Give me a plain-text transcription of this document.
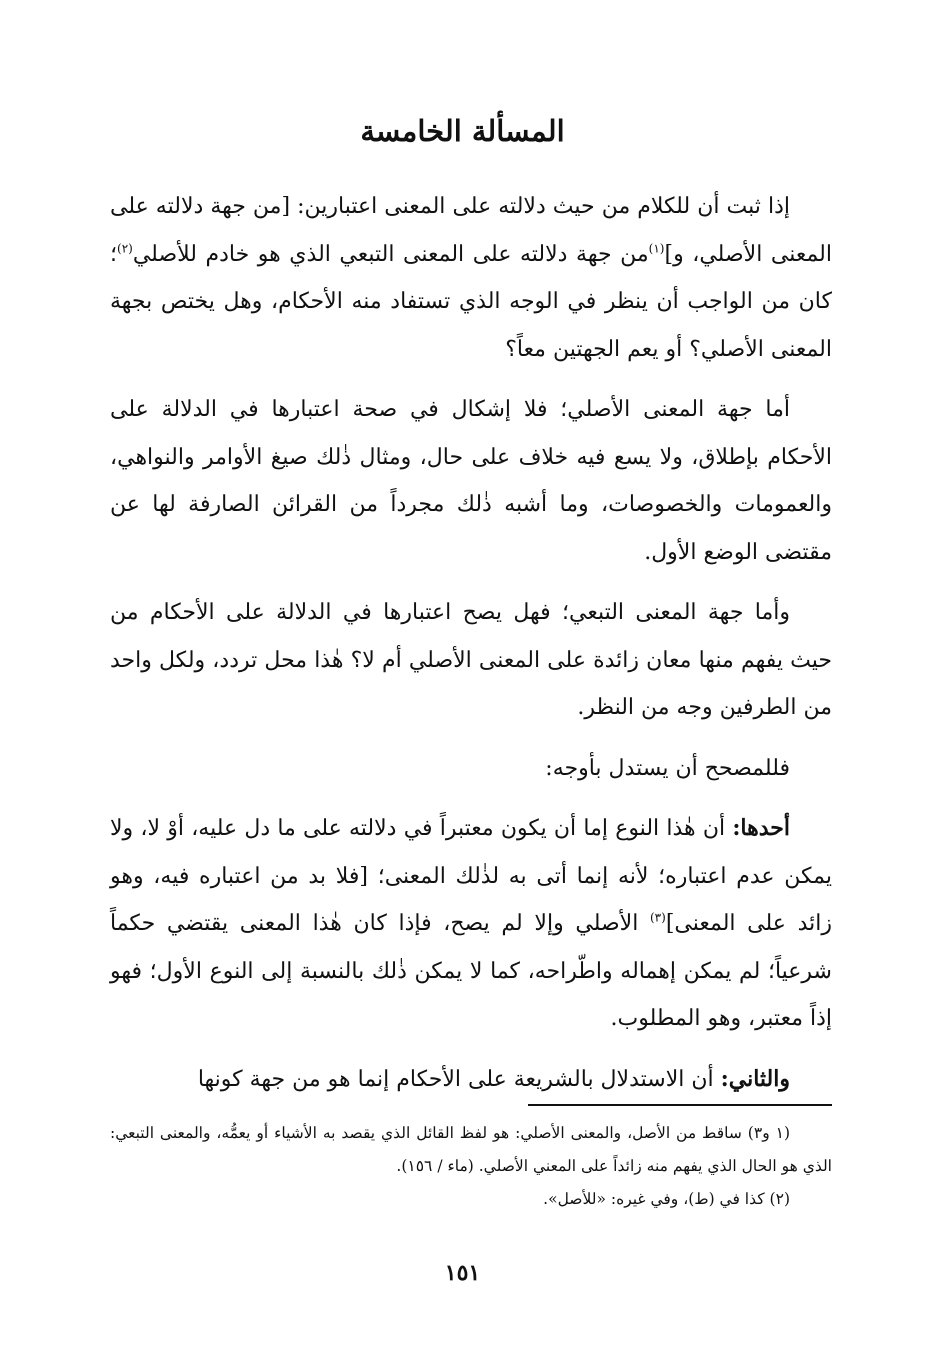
المسألة الخامسة

إذا ثبت أن للكلام من حيث دلالته على المعنى اعتبارين: [من جهة دلالته على المعنى الأصلي، و]$^{(١)}$من جهة دلالته على المعنى التبعي الذي هو خادم للأصلي$^{(٢)}$؛ كان من الواجب أن ينظر في الوجه الذي تستفاد منه الأحكام، وهل يختص بجهة المعنى الأصلي؟ أو يعم الجهتين معاً؟

أما جهة المعنى الأصلي؛ فلا إشكال في صحة اعتبارها في الدلالة على الأحكام بإطلاق، ولا يسع فيه خلاف على حال، ومثال ذٰلك صيغ الأوامر والنواهي، والعمومات والخصوصات، وما أشبه ذٰلك مجرداً من القرائن الصارفة لها عن مقتضى الوضع الأول.

وأما جهة المعنى التبعي؛ فهل يصح اعتبارها في الدلالة على الأحكام من حيث يفهم منها معان زائدة على المعنى الأصلي أم لا؟ هٰذا محل تردد، ولكل واحد من الطرفين وجه من النظر.

فللمصحح أن يستدل بأوجه:

أحدها: أن هٰذا النوع إما أن يكون معتبراً في دلالته على ما دل عليه، أوْ لا، ولا يمكن عدم اعتباره؛ لأنه إنما أتى به لذٰلك المعنى؛ [فلا بد من اعتباره فيه، وهو زائد على المعنى]$^{(٣)}$ الأصلي وإلا لم يصح، فإذا كان هٰذا المعنى يقتضي حكماً شرعياً؛ لم يمكن إهماله واطّراحه، كما لا يمكن ذٰلك بالنسبة إلى النوع الأول؛ فهو إذاً معتبر، وهو المطلوب.

والثاني: أن الاستدلال بالشريعة على الأحكام إنما هو من جهة كونها

(١ و٣) ساقط من الأصل، والمعنى الأصلي: هو لفظ القائل الذي يقصد به الأشياء أو يعمُّه، والمعنى التبعي: الذي هو الحال الذي يفهم منه زائداً على المعني الأصلي. (ماء / ١٥٦).

(٢) كذا في (ط)، وفي غيره: «للأصل».

١٥١
